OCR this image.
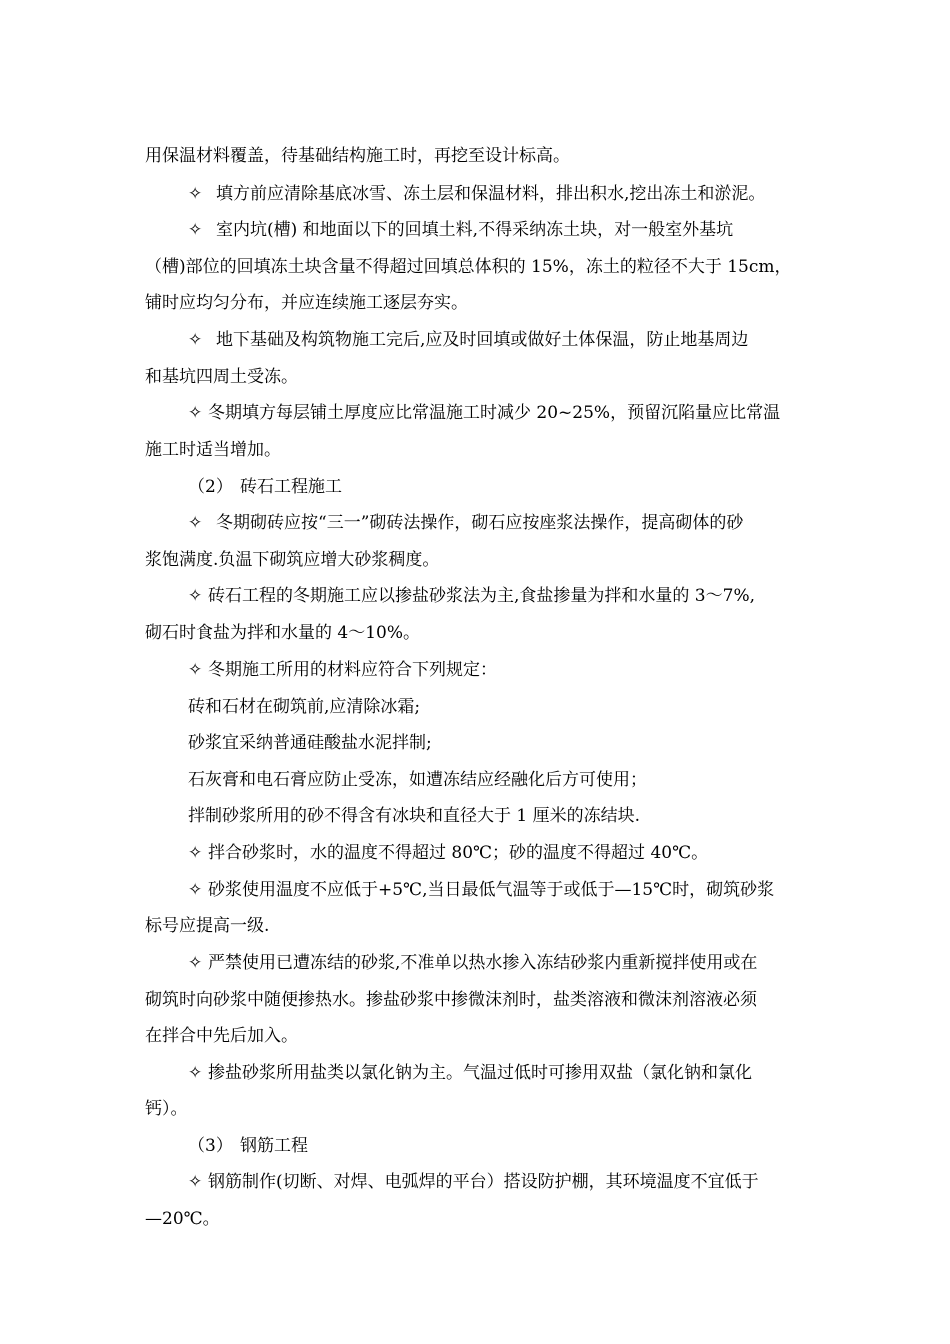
用保温材料覆盖，待基础结构施工时，再挖至设计标高。
✧ 填方前应清除基底冰雪、冻土层和保温材料，排出积水,挖出冻土和淤泥。
✧ 室内坑(槽) 和地面以下的回填土料,不得采纳冻土块，对一般室外基坑
（槽)部位的回填冻土块含量不得超过回填总体积的 15%，冻土的粒径不大于 15cm，
铺时应均匀分布，并应连续施工逐层夯实。
✧ 地下基础及构筑物施工完后,应及时回填或做好土体保温，防止地基周边
和基坑四周土受冻。
✧ 冬期填方每层铺土厚度应比常温施工时减少 20~25%，预留沉陷量应比常温
施工时适当增加。
（2） 砖石工程施工
✧ 冬期砌砖应按“三一”砌砖法操作，砌石应按座浆法操作，提高砌体的砂
浆饱满度.负温下砌筑应增大砂浆稠度。
✧ 砖石工程的冬期施工应以掺盐砂浆法为主,食盐掺量为拌和水量的 3～7%,
砌石时食盐为拌和水量的 4～10%。
✧ 冬期施工所用的材料应符合下列规定：
砖和石材在砌筑前,应清除冰霜;
砂浆宜采纳普通硅酸盐水泥拌制;
石灰膏和电石膏应防止受冻，如遭冻结应经融化后方可使用；
拌制砂浆所用的砂不得含有冰块和直径大于 1 厘米的冻结块.
✧ 拌合砂浆时，水的温度不得超过 80℃；砂的温度不得超过 40℃。
✧ 砂浆使用温度不应低于+5℃,当日最低气温等于或低于—15℃时，砌筑砂浆
标号应提高一级.
✧ 严禁使用已遭冻结的砂浆,不准单以热水掺入冻结砂浆内重新搅拌使用或在
砌筑时向砂浆中随便掺热水。掺盐砂浆中掺微沫剂时，盐类溶液和微沫剂溶液必须
在拌合中先后加入。
✧ 掺盐砂浆所用盐类以氯化钠为主。气温过低时可掺用双盐（氯化钠和氯化
钙）。
（3） 钢筋工程
✧ 钢筋制作(切断、对焊、电弧焊的平台）搭设防护棚，其环境温度不宜低于
—20℃。
